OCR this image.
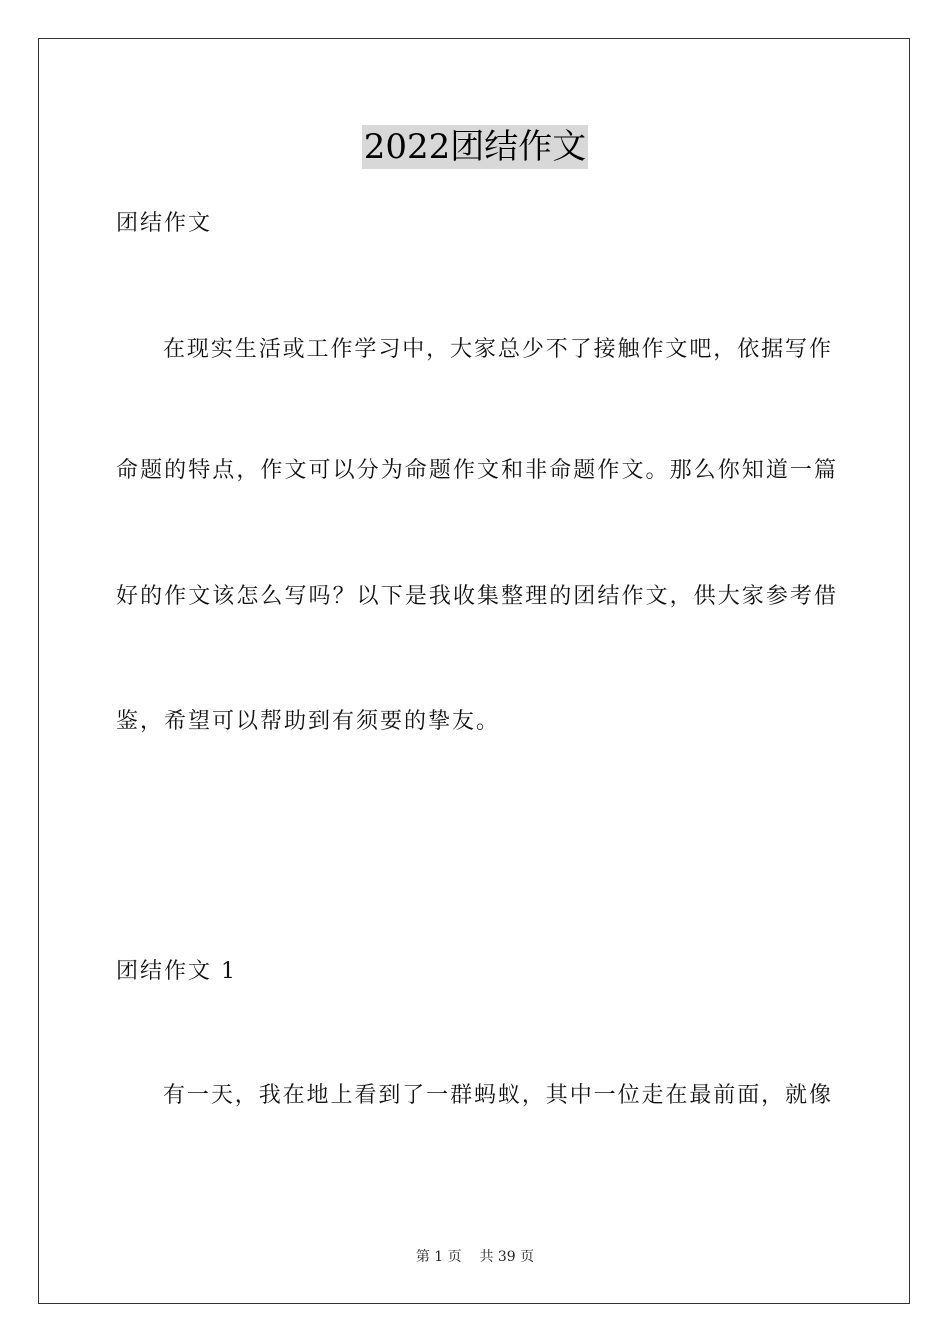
2022团结作文
团结作文
在现实生活或工作学习中，大家总少不了接触作文吧，依据写作
命题的特点，作文可以分为命题作文和非命题作文。那么你知道一篇
好的作文该怎么写吗？以下是我收集整理的团结作文，供大家参考借
鉴，希望可以帮助到有须要的挚友。
团结作文 1
有一天，我在地上看到了一群蚂蚁，其中一位走在最前面，就像
第 1 页 共 39 页
